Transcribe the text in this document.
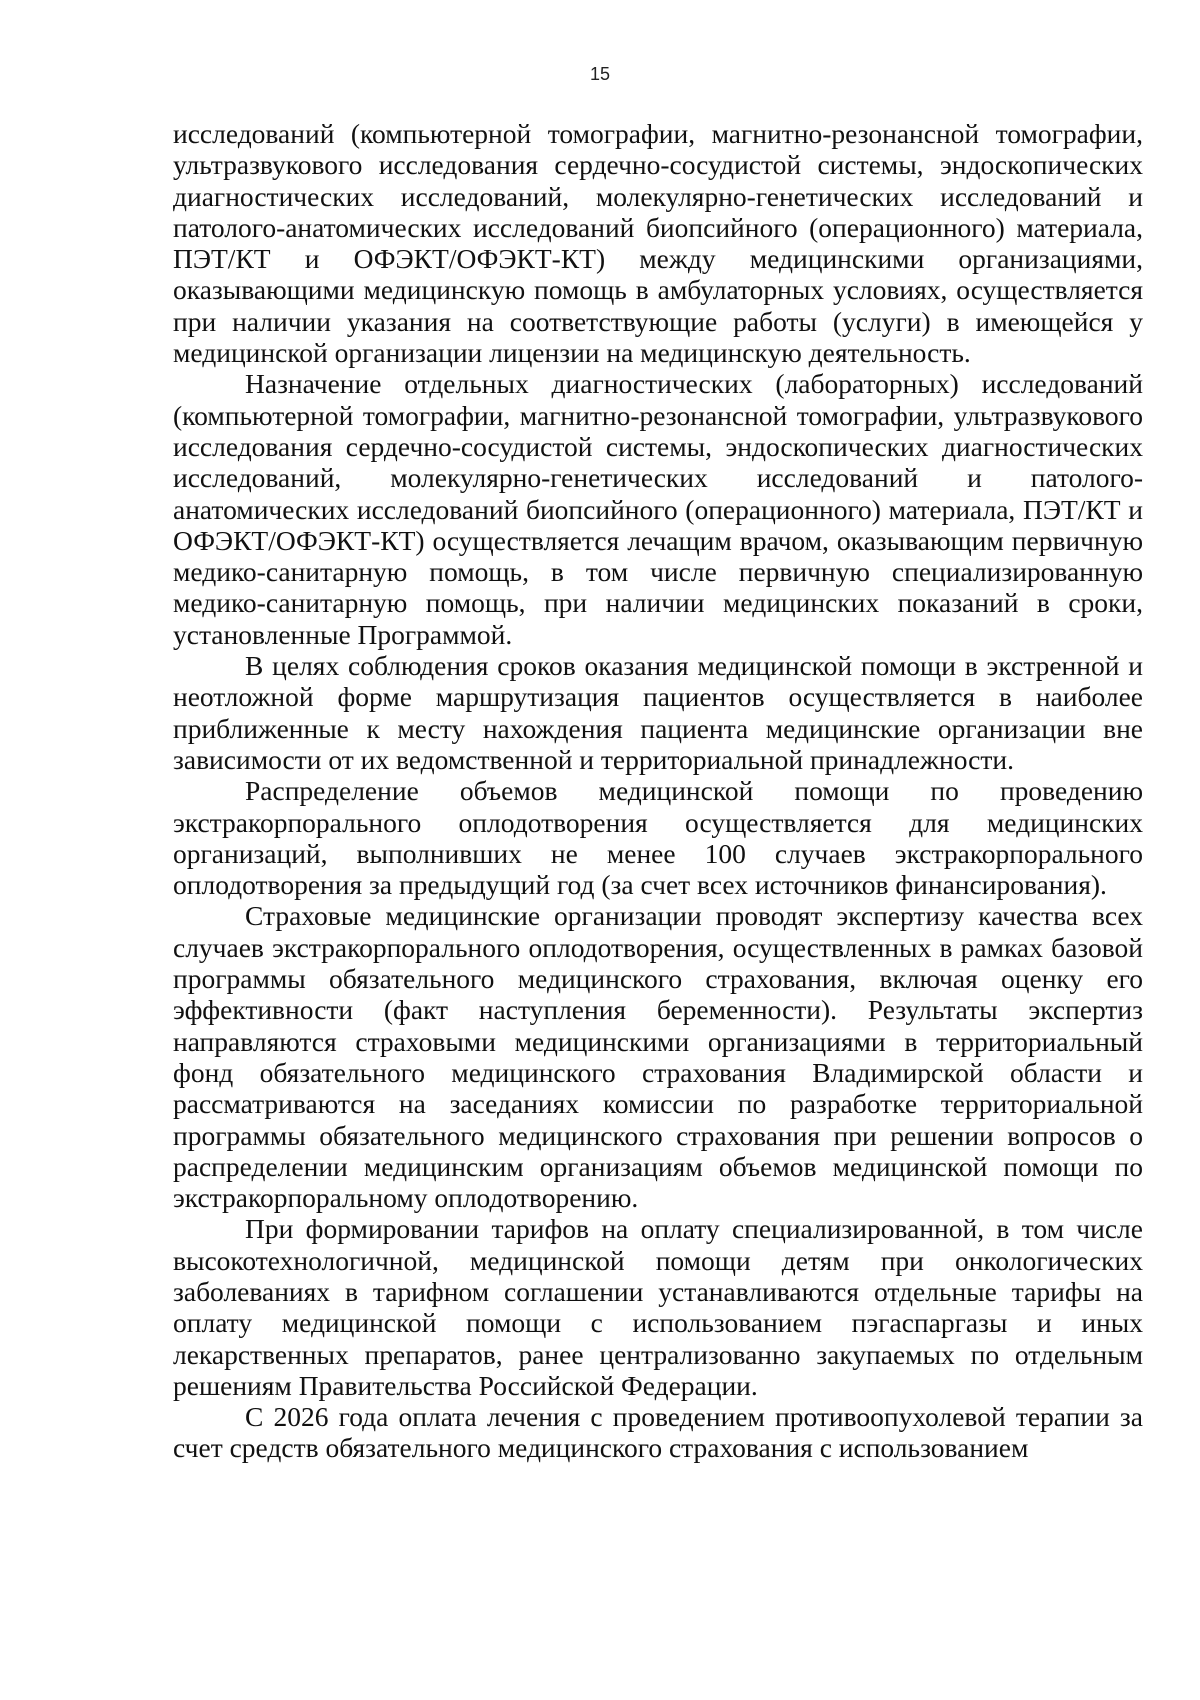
15

исследований (компьютерной томографии, магнитно-резонансной томографии, ультразвукового исследования сердечно-сосудистой системы, эндоскопических диагностических исследований, молекулярно-генетических исследований и патолого-анатомических исследований биопсийного (операционного) материала, ПЭТ/КТ и ОФЭКТ/ОФЭКТ-КТ) между медицинскими организациями, оказывающими медицинскую помощь в амбулаторных условиях, осуществляется при наличии указания на соответствующие работы (услуги) в имеющейся у медицинской организации лицензии на медицинскую деятельность.

Назначение отдельных диагностических (лабораторных) исследований (компьютерной томографии, магнитно-резонансной томографии, ультразвукового исследования сердечно-сосудистой системы, эндоскопических диагностических исследований, молекулярно-генетических исследований и патолого-анатомических исследований биопсийного (операционного) материала, ПЭТ/КТ и ОФЭКТ/ОФЭКТ-КТ) осуществляется лечащим врачом, оказывающим первичную медико-санитарную помощь, в том числе первичную специализированную медико-санитарную помощь, при наличии медицинских показаний в сроки, установленные Программой.

В целях соблюдения сроков оказания медицинской помощи в экстренной и неотложной форме маршрутизация пациентов осуществляется в наиболее приближенные к месту нахождения пациента медицинские организации вне зависимости от их ведомственной и территориальной принадлежности.

Распределение объемов медицинской помощи по проведению экстракорпорального оплодотворения осуществляется для медицинских организаций, выполнивших не менее 100 случаев экстракорпорального оплодотворения за предыдущий год (за счет всех источников финансирования).

Страховые медицинские организации проводят экспертизу качества всех случаев экстракорпорального оплодотворения, осуществленных в рамках базовой программы обязательного медицинского страхования, включая оценку его эффективности (факт наступления беременности). Результаты экспертиз направляются страховыми медицинскими организациями в территориальный фонд обязательного медицинского страхования Владимирской области и рассматриваются на заседаниях комиссии по разработке территориальной программы обязательного медицинского страхования при решении вопросов о распределении медицинским организациям объемов медицинской помощи по экстракорпоральному оплодотворению.

При формировании тарифов на оплату специализированной, в том числе высокотехнологичной, медицинской помощи детям при онкологических заболеваниях в тарифном соглашении устанавливаются отдельные тарифы на оплату медицинской помощи с использованием пэгаспаргазы и иных лекарственных препаратов, ранее централизованно закупаемых по отдельным решениям Правительства Российской Федерации.

С 2026 года оплата лечения с проведением противоопухолевой терапии за счет средств обязательного медицинского страхования с использованием
